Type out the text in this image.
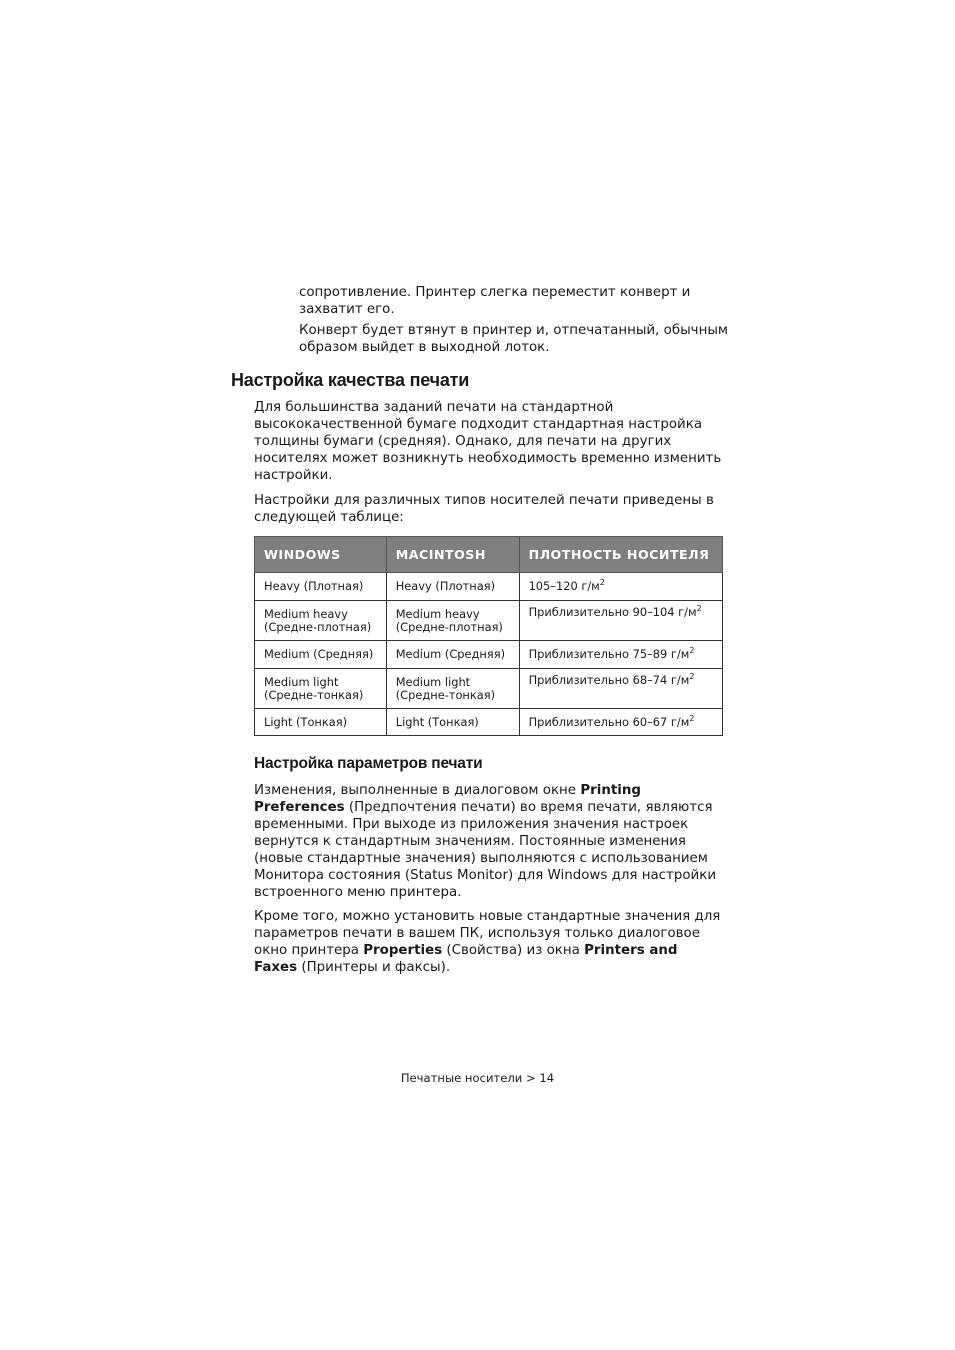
сопротивление. Принтер слегка переместит конверт и захватит его.

Конверт будет втянут в принтер и, отпечатанный, обычным образом выйдет в выходной лоток.

Настройка качества печати

Для большинства заданий печати на стандартной высококачественной бумаге подходит стандартная настройка толщины бумаги (средняя). Однако, для печати на других носителях может возникнуть необходимость временно изменить настройки.

Настройки для различных типов носителей печати приведены в следующей таблице:

WINDOWS	MACINTOSH	ПЛОТНОСТЬ НОСИТЕЛЯ
Heavy (Плотная)	Heavy (Плотная)	105–120 $г/м^2$
Medium heavy (Средне-плотная)	Medium heavy (Средне-плотная)	Приблизительно 90–104 $г/м^2$
Medium (Средняя)	Medium (Средняя)	Приблизительно 75–89 $г/м^2$
Medium light (Средне-тонкая)	Medium light (Средне-тонкая)	Приблизительно 68–74 $г/м^2$
Light (Тонкая)	Light (Тонкая)	Приблизительно 60–67 $г/м^2$
Настройка параметров печати

Изменения, выполненные в диалоговом окне Printing Preferences (Предпочтения печати) во время печати, являются временными. При выходе из приложения значения настроек вернутся к стандартным значениям. Постоянные изменения (новые стандартные значения) выполняются с использованием Монитора состояния (Status Monitor) для Windows для настройки встроенного меню принтера.

Кроме того, можно установить новые стандартные значения для параметров печати в вашем ПК, используя только диалоговое окно принтера Properties (Свойства) из окна Printers and Faxes (Принтеры и факсы).

Печатные носители > 14
